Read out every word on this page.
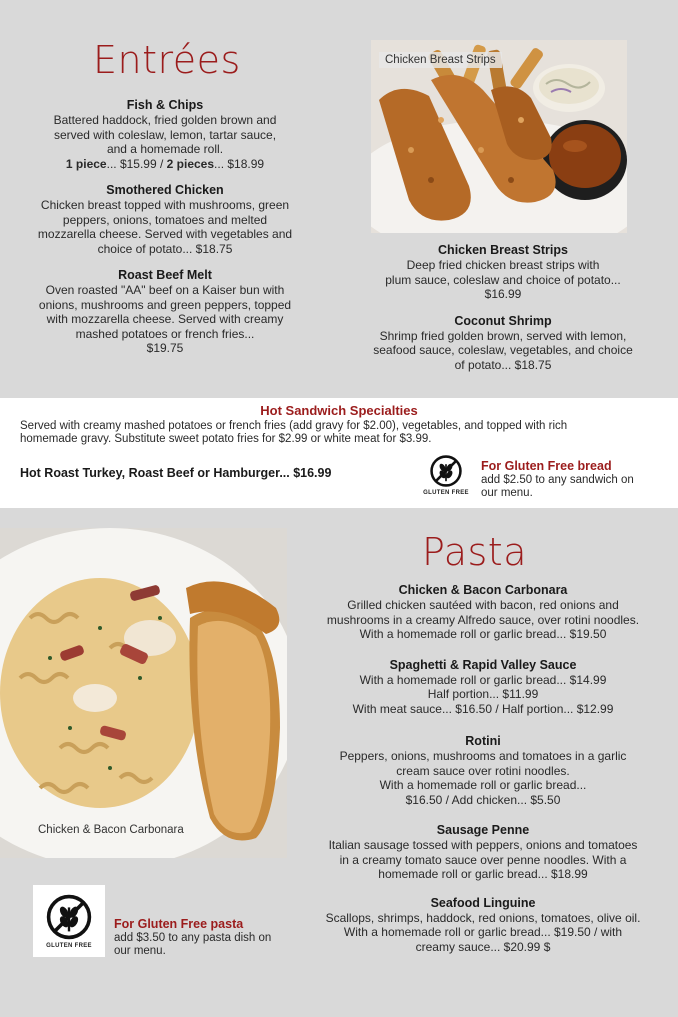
Entrées
Fish & Chips
Battered haddock, fried golden brown and
served with coleslaw, lemon, tartar sauce,
and a homemade roll.
1 piece... $15.99 / 2 pieces... $18.99
Smothered Chicken
Chicken breast topped with mushrooms, green
peppers, onions, tomatoes and melted
mozzarella cheese. Served with vegetables and
choice of potato... $18.75
Roast Beef Melt
Oven roasted "AA" beef on a Kaiser bun with
onions, mushrooms and green peppers, topped
with mozzarella cheese. Served with creamy
mashed potatoes or french fries...
$19.75
Chicken Breast Strips
Chicken Breast Strips
Deep fried chicken breast strips with
plum sauce, coleslaw and choice of potato...
$16.99
Coconut Shrimp
Shrimp fried golden brown, served with lemon,
seafood sauce, coleslaw, vegetables, and choice
of potato... $18.75
Hot Sandwich Specialties
Served with creamy mashed potatoes or french fries (add gravy for $2.00), vegetables, and topped with rich
homemade gravy. Substitute sweet potato fries for $2.99 or white meat for $3.99.
Hot Roast Turkey, Roast Beef or Hamburger... $16.99
GLUTEN FREE
For Gluten Free bread
add $2.50 to any sandwich on
our menu.
Chicken & Bacon Carbonara
Pasta
Chicken & Bacon Carbonara
Grilled chicken sautéed with bacon, red onions and
mushrooms in a creamy Alfredo sauce, over rotini noodles.
With a homemade roll or garlic bread... $19.50
Spaghetti & Rapid Valley Sauce
With a homemade roll or garlic bread... $14.99
Half portion... $11.99
With meat sauce... $16.50 / Half portion... $12.99
Rotini
Peppers, onions, mushrooms and tomatoes in a garlic
cream sauce over rotini noodles.
With a homemade roll or garlic bread...
$16.50 / Add chicken... $5.50
Sausage Penne
Italian sausage tossed with peppers, onions and tomatoes
in a creamy tomato sauce over penne noodles. With a
homemade roll or garlic bread... $18.99
Seafood Linguine
Scallops, shrimps, haddock, red onions, tomatoes, olive oil.
With a homemade roll or garlic bread... $19.50 / with
creamy sauce... $20.99 $
GLUTEN FREE
For Gluten Free pasta
add $3.50 to any pasta dish on
our menu.
